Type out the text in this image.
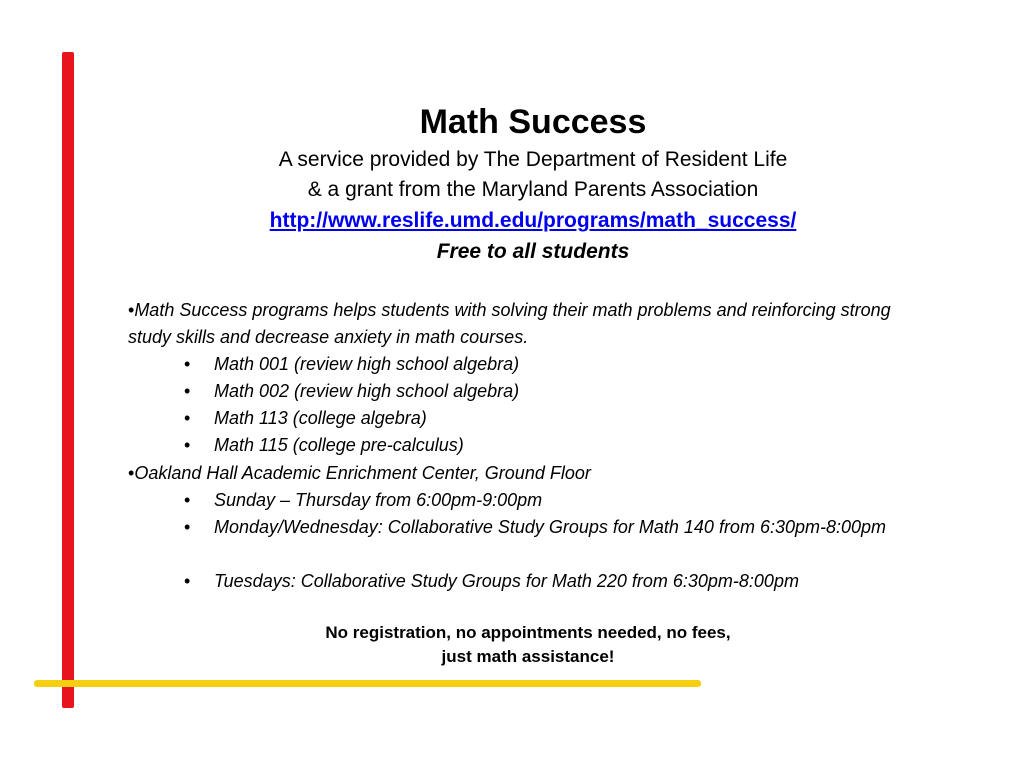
Math Success
A service provided by The Department of Resident Life
& a grant from the Maryland Parents Association
http://www.reslife.umd.edu/programs/math_success/
Free to all students
•Math Success programs helps students with solving their math problems and reinforcing strong study skills and decrease anxiety in math courses.
• Math 001 (review high school algebra)
• Math 002 (review high school algebra)
• Math 113 (college algebra)
• Math 115 (college pre-calculus)
•Oakland Hall Academic Enrichment Center, Ground Floor
• Sunday – Thursday from 6:00pm-9:00pm
• Monday/Wednesday: Collaborative Study Groups for Math 140 from 6:30pm-8:00pm
• Tuesdays: Collaborative Study Groups for Math 220 from 6:30pm-8:00pm
No registration, no appointments needed, no fees,
just math assistance!
